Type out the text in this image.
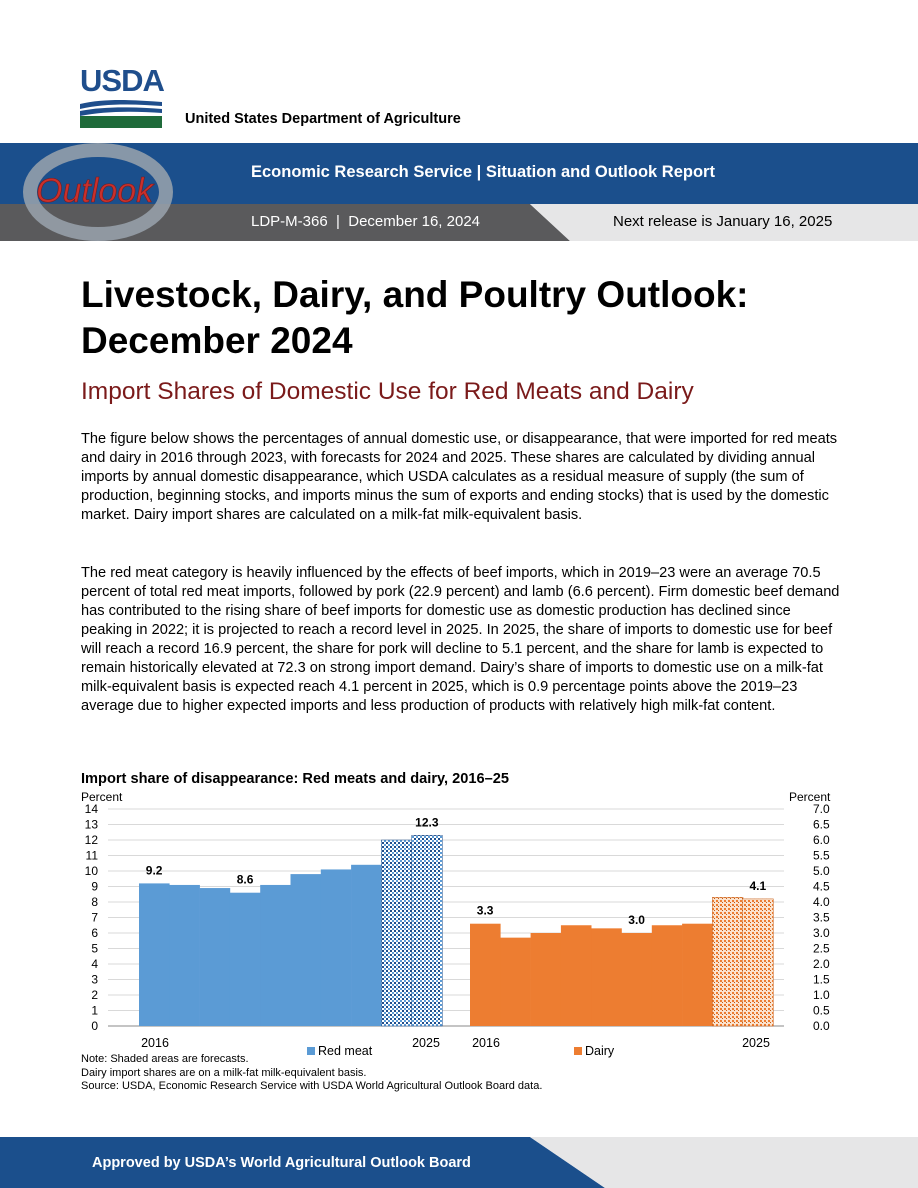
USDA
United States Department of Agriculture
Outlook	Economic Research Service | Situation and Outlook Report
LDP-M-366  |  December 16, 2024	Next release is January 16, 2025
Livestock, Dairy, and Poultry Outlook: December 2024
Import Shares of Domestic Use for Red Meats and Dairy

The figure below shows the percentages of annual domestic use, or disappearance, that were imported for red meats and dairy in 2016 through 2023, with forecasts for 2024 and 2025. These shares are calculated by dividing annual imports by annual domestic disappearance, which USDA calculates as a residual measure of supply (the sum of production, beginning stocks, and imports minus the sum of exports and ending stocks) that is used by the domestic market. Dairy import shares are calculated on a milk-fat milk-equivalent basis.

The red meat category is heavily influenced by the effects of beef imports, which in 2019–23 were an average 70.5 percent of total red meat imports, followed by pork (22.9 percent) and lamb (6.6 percent). Firm domestic beef demand has contributed to the rising share of beef imports for domestic use as domestic production has declined since peaking in 2022; it is projected to reach a record level in 2025. In 2025, the share of imports to domestic use for beef will reach a record 16.9 percent, the share for pork will decline to 5.1 percent, and the share for lamb is expected to remain historically elevated at 72.3 on strong import demand. Dairy’s share of imports to domestic use on a milk-fat milk-equivalent basis is expected reach 4.1 percent in 2025, which is 0.9 percentage points above the 2019–23 average due to higher expected imports and less production of products with relatively high milk-fat content.

Import share of disappearance: Red meats and dairy, 2016–25
Percent	Percent
9.2
8.6
12.3
3.3
3.0
4.1
0
1
2
3
4
5
6
7
8
9
10
11
12
13
14
0.0
0.5
1.0
1.5
2.0
2.5
3.0
3.5
4.0
4.5
5.0
5.5
6.0
6.5
7.0
2016	2025	2016	2025
Red meat	Dairy
Note: Shaded areas are forecasts.
Dairy import shares are on a milk-fat milk-equivalent basis.
Source: USDA, Economic Research Service with USDA World Agricultural Outlook Board data.
Approved by USDA’s World Agricultural Outlook Board
